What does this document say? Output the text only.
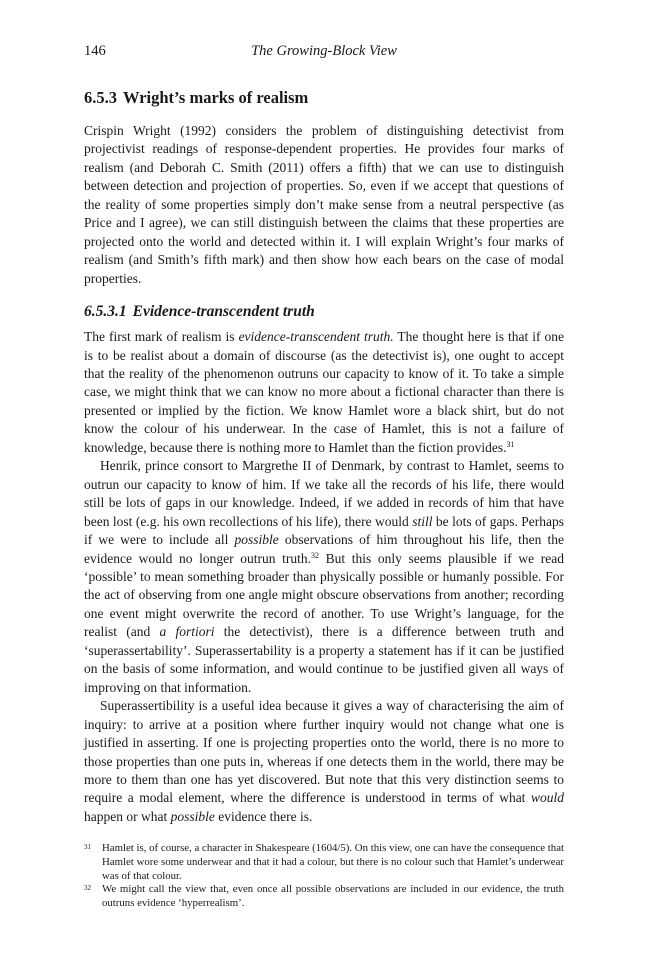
146	The Growing-Block View
6.5.3 Wright’s marks of realism

Crispin Wright (1992) considers the problem of distinguishing detectivist from projectivist readings of response-dependent properties. He provides four marks of realism (and Deborah C. Smith (2011) offers a fifth) that we can use to distinguish between detection and projection of properties. So, even if we accept that questions of the reality of some properties simply don’t make sense from a neutral perspective (as Price and I agree), we can still distinguish between the claims that these properties are projected onto the world and detected within it. I will explain Wright’s four marks of realism (and Smith’s fifth mark) and then show how each bears on the case of modal properties.

6.5.3.1 Evidence-transcendent truth

The first mark of realism is evidence-transcendent truth. The thought here is that if one is to be realist about a domain of discourse (as the detectivist is), one ought to accept that the reality of the phenomenon outruns our capacity to know of it. To take a simple case, we might think that we can know no more about a fictional character than there is presented or implied by the fiction. We know Hamlet wore a black shirt, but do not know the colour of his underwear. In the case of Hamlet, this is not a failure of knowledge, because there is nothing more to Hamlet than the fiction provides.$^{31}$

Henrik, prince consort to Margrethe II of Denmark, by contrast to Hamlet, seems to outrun our capacity to know of him. If we take all the records of his life, there would still be lots of gaps in our knowledge. Indeed, if we added in records of him that have been lost (e.g. his own recollections of his life), there would still be lots of gaps. Perhaps if we were to include all possible observations of him throughout his life, then the evidence would no longer outrun truth.$^{32}$ But this only seems plausible if we read ‘possible’ to mean something broader than physically possible or humanly possible. For the act of observing from one angle might obscure observations from another; recording one event might overwrite the record of another. To use Wright’s language, for the realist (and a fortiori the detectivist), there is a difference between truth and ‘superassertability’. Superassertability is a property a statement has if it can be justified on the basis of some information, and would continue to be justified given all ways of improving on that information.

Superassertibility is a useful idea because it gives a way of characterising the aim of inquiry: to arrive at a position where further inquiry would not change what one is justified in asserting. If one is projecting properties onto the world, there is no more to those properties than one puts in, whereas if one detects them in the world, there may be more to them than one has yet discovered. But note that this very distinction seems to require a modal element, where the difference is understood in terms of what would happen or what possible evidence there is.

31 Hamlet is, of course, a character in Shakespeare (1604/5). On this view, one can have the consequence that Hamlet wore some underwear and that it had a colour, but there is no colour such that Hamlet’s underwear was of that colour.
32 We might call the view that, even once all possible observations are included in our evidence, the truth outruns evidence ‘hyperrealism’.
